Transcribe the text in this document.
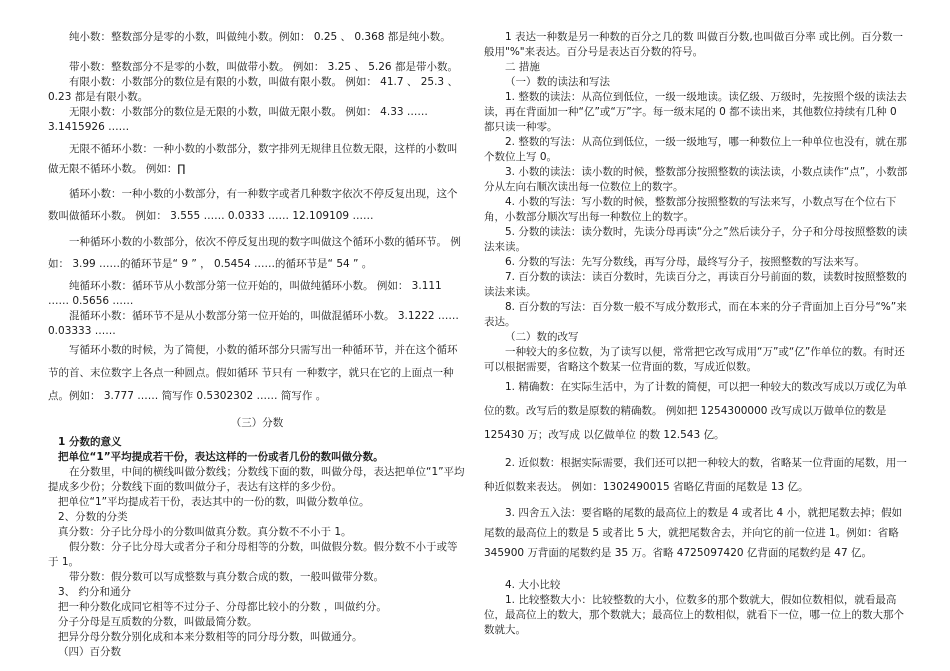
纯小数：整数部分是零的小数，叫做纯小数。例如： 0.25 、 0.368 都是纯小数。

带小数：整数部分不是零的小数，叫做带小数。 例如： 3.25 、 5.26 都是带小数。

有限小数：小数部分的数位是有限的小数，叫做有限小数。 例如： 41.7 、 25.3 、 0.23 都是有限小数。

无限小数：小数部分的数位是无限的小数，叫做无限小数。 例如： 4.33 …… 3.1415926 ……

无限不循环小数：一种小数的小数部分，数字排列无规律且位数无限，这样的小数叫做无限不循环小数。 例如：∏

循环小数：一种小数的小数部分，有一种数字或者几种数字依次不停反复出现，这个数叫做循环小数。 例如： 3.555 …… 0.0333 …… 12.109109 ……

一种循环小数的小数部分，依次不停反复出现的数字叫做这个循环小数的循环节。 例如： 3.99 ……的循环节是“ 9 ” ， 0.5454 ……的循环节是“ 54 ” 。

纯循环小数：循环节从小数部分第一位开始的，叫做纯循环小数。 例如： 3.111 …… 0.5656 ……

混循环小数：循环节不是从小数部分第一位开始的，叫做混循环小数。 3.1222 …… 0.03333 ……

写循环小数的时候，为了简便，小数的循环部分只需写出一种循环节，并在这个循环节的首、末位数字上各点一种圆点。假如循环 节只有 一种数字，就只在它的上面点一种点。例如： 3.777 …… 简写作 0.5302302 …… 简写作 。

（三）分数

1 分数的意义

把单位“1”平均提成若干份，表达这样的一份或者几份的数叫做分数。

在分数里，中间的横线叫做分数线；分数线下面的数，叫做分母，表达把单位“1”平均提成多少份；分数线下面的数叫做分子，表达有这样的多少份。

把单位“1”平均提成若干份，表达其中的一份的数，叫做分数单位。

2、分数的分类

真分数：分子比分母小的分数叫做真分数。真分数不不小于 1。

假分数：分子比分母大或者分子和分母相等的分数，叫做假分数。假分数不小于或等于 1。

带分数：假分数可以写成整数与真分数合成的数，一般叫做带分数。

3、 约分和通分

把一种分数化成同它相等不过分子、分母都比较小的分数 ，叫做约分。

分子分母是互质数的分数，叫做最简分数。

把异分母分数分别化成和本来分数相等的同分母分数，叫做通分。

（四）百分数

1 表达一种数是另一种数的百分之几的数 叫做百分数,也叫做百分率 或比例。百分数一般用"%"来表达。百分号是表达百分数的符号。

二 措施

（一）数的读法和写法

1. 整数的读法：从高位到低位，一级一级地读。读亿级、万级时，先按照个级的读法去读，再在背面加一种“亿”或“万”字。每一级末尾的 0 都不读出来，其他数位持续有几种 0 都只读一种零。

2. 整数的写法：从高位到低位，一级一级地写，哪一种数位上一种单位也没有，就在那个数位上写 0。

3. 小数的读法：读小数的时候，整数部分按照整数的读法读，小数点读作“点”，小数部分从左向右顺次读出每一位数位上的数字。

4. 小数的写法：写小数的时候，整数部分按照整数的写法来写，小数点写在个位右下角，小数部分顺次写出每一种数位上的数字。

5. 分数的读法：读分数时，先读分母再读“分之”然后读分子，分子和分母按照整数的读法来读。

6. 分数的写法：先写分数线，再写分母，最终写分子，按照整数的写法来写。

7. 百分数的读法：读百分数时，先读百分之，再读百分号前面的数，读数时按照整数的读法来读。

8. 百分数的写法：百分数一般不写成分数形式，而在本来的分子背面加上百分号“%”来表达。

（二）数的改写

一种较大的多位数，为了读写以便，常常把它改写成用“万”或“亿”作单位的数。有时还可以根据需要，省略这个数某一位背面的数，写成近似数。

1. 精确数：在实际生活中，为了计数的简便，可以把一种较大的数改写成以万或亿为单位的数。改写后的数是原数的精确数。 例如把 1254300000 改写成以万做单位的数是 125430 万；改写成 以亿做单位 的数 12.543 亿。

2. 近似数：根据实际需要，我们还可以把一种较大的数，省略某一位背面的尾数，用一种近似数来表达。 例如：1302490015 省略亿背面的尾数是 13 亿。

3. 四舍五入法：要省略的尾数的最高位上的数是 4 或者比 4 小，就把尾数去掉；假如尾数的最高位上的数是 5 或者比 5 大，就把尾数舍去，并向它的前一位进 1。例如：省略 345900 万背面的尾数约是 35 万。省略 4725097420 亿背面的尾数约是 47 亿。

4. 大小比较

1. 比较整数大小：比较整数的大小，位数多的那个数就大，假如位数相似，就看最高位，最高位上的数大，那个数就大；最高位上的数相似，就看下一位，哪一位上的数大那个数就大。
